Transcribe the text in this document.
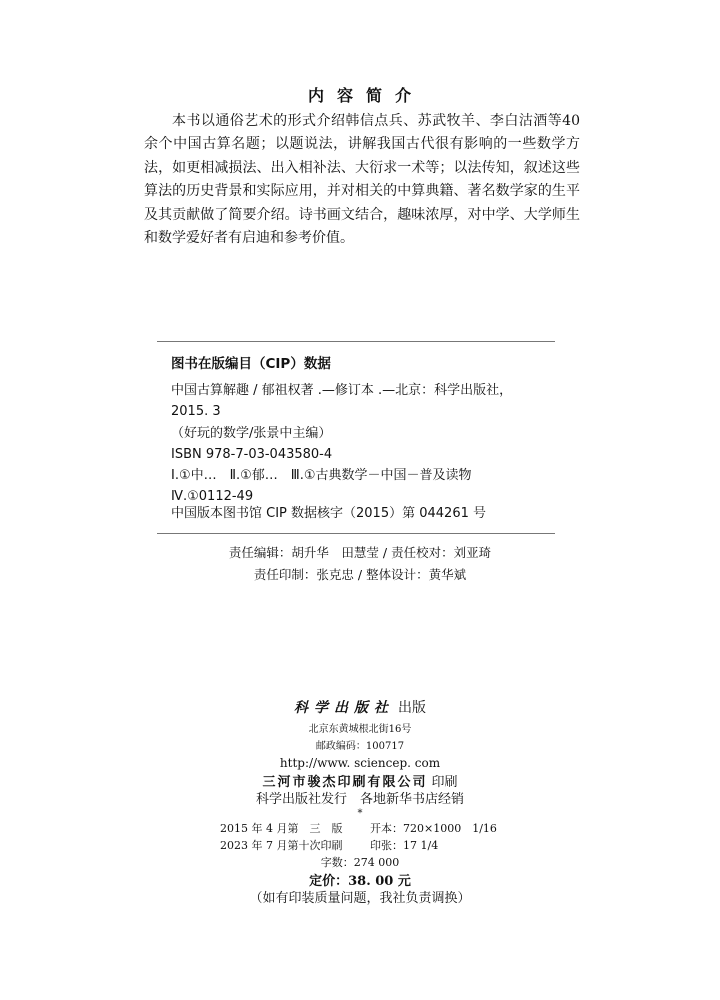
内 容 简 介

本书以通俗艺术的形式介绍韩信点兵、苏武牧羊、李白沽酒等40余个中国古算名题；以题说法，讲解我国古代很有影响的一些数学方法，如更相减损法、出入相补法、大衍求一术等；以法传知，叙述这些算法的历史背景和实际应用，并对相关的中算典籍、著名数学家的生平及其贡献做了简要介绍。诗书画文结合，趣味浓厚，对中学、大学师生和数学爱好者有启迪和参考价值。

图书在版编目（CIP）数据
中国古算解趣 / 郁祖权著 .—修订本 .—北京：科学出版社，
2015. 3
（好玩的数学/张景中主编）
ISBN 978-7-03-043580-4
Ⅰ.①中…　Ⅱ.①郁…　Ⅲ.①古典数学－中国－普及读物
Ⅳ.①0112-49
中国版本图书馆 CIP 数据核字（2015）第 044261 号
责任编辑：胡升华　田慧莹 / 责任校对：刘亚琦
责任印制：张克忠 / 整体设计：黄华斌
科学出版社 出版
北京东黄城根北街16号
邮政编码：100717
http://www. sciencep. com
三河市骏杰印刷有限公司 印刷
科学出版社发行　各地新华书店经销
*
2015 年 4 月第　三　版	开本：720×1000　1/16
2023 年 7 月第十次印刷	印张：17 1/4
字数：274 000
定价：38. 00 元
（如有印装质量问题，我社负责调换）
